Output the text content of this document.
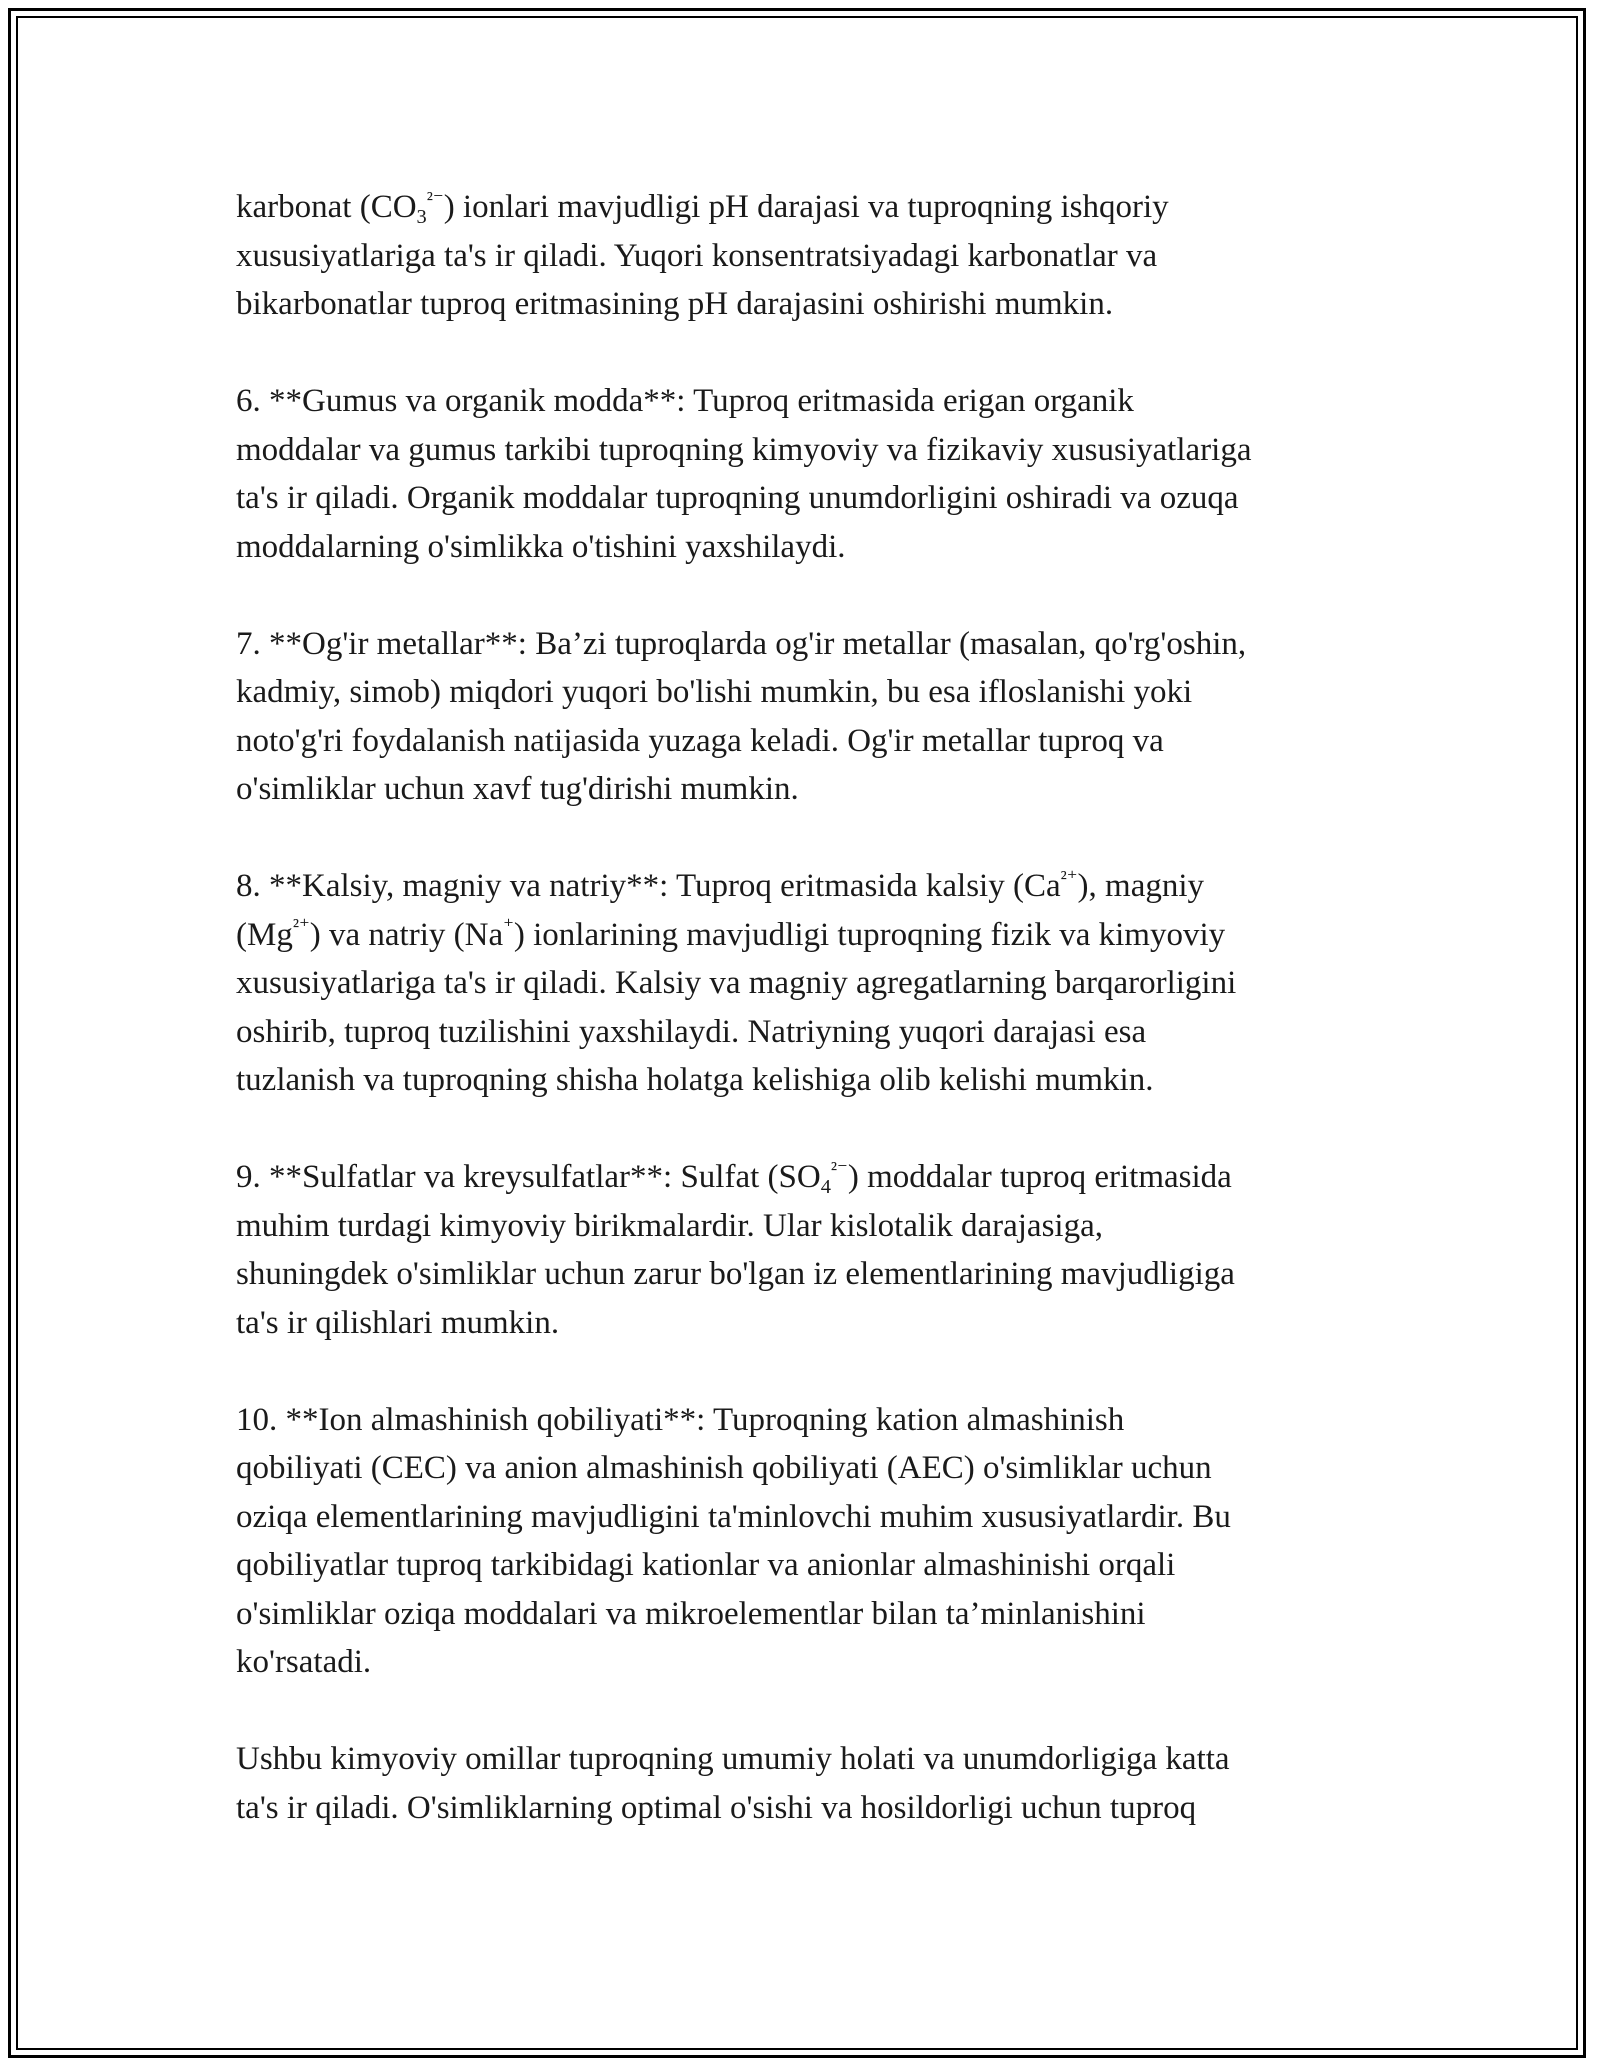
karbonat $(CO_3^{^{2-}})$ ionlari mavjudligi pH darajasi va tuproqning ishqoriy
xususiyatlariga ta's ir qiladi. Yuqori konsentratsiyadagi karbonatlar va
bikarbonatlar tuproq eritmasining pH darajasini oshirishi mumkin.

6. **Gumus va organik modda**: Tuproq eritmasida erigan organik
moddalar va gumus tarkibi tuproqning kimyoviy va fizikaviy xususiyatlariga
ta's ir qiladi. Organik moddalar tuproqning unumdorligini oshiradi va ozuqa
moddalarning o'simlikka o'tishini yaxshilaydi.

7. **Og'ir metallar**: Ba’zi tuproqlarda og'ir metallar (masalan, qo'rg'oshin,
kadmiy, simob) miqdori yuqori bo'lishi mumkin, bu esa ifloslanishi yoki
noto'g'ri foydalanish natijasida yuzaga keladi. Og'ir metallar tuproq va
o'simliklar uchun xavf tug'dirishi mumkin.

8. **Kalsiy, magniy va natriy**: Tuproq eritmasida kalsiy $(Ca^{^{2+}})$, magniy
$(Mg^{^{2+}})$ va natriy (Na⁺) ionlarining mavjudligi tuproqning fizik va kimyoviy
xususiyatlariga ta's ir qiladi. Kalsiy va magniy agregatlarning barqarorligini
oshirib, tuproq tuzilishini yaxshilaydi. Natriyning yuqori darajasi esa
tuzlanish va tuproqning shisha holatga kelishiga olib kelishi mumkin.

9. **Sulfatlar va kreysulfatlar**: Sulfat $(SO_4^{^{2-}})$ moddalar tuproq eritmasida
muhim turdagi kimyoviy birikmalardir. Ular kislotalik darajasiga,
shuningdek o'simliklar uchun zarur bo'lgan iz elementlarining mavjudligiga
ta's ir qilishlari mumkin.

10. **Ion almashinish qobiliyati**: Tuproqning kation almashinish
qobiliyati (CEC) va anion almashinish qobiliyati (AEC) o'simliklar uchun
oziqa elementlarining mavjudligini ta'minlovchi muhim xususiyatlardir. Bu
qobiliyatlar tuproq tarkibidagi kationlar va anionlar almashinishi orqali
o'simliklar oziqa moddalari va mikroelementlar bilan ta’minlanishini
ko'rsatadi.

Ushbu kimyoviy omillar tuproqning umumiy holati va unumdorligiga katta
ta's ir qiladi. O'simliklarning optimal o'sishi va hosildorligi uchun tuproq
